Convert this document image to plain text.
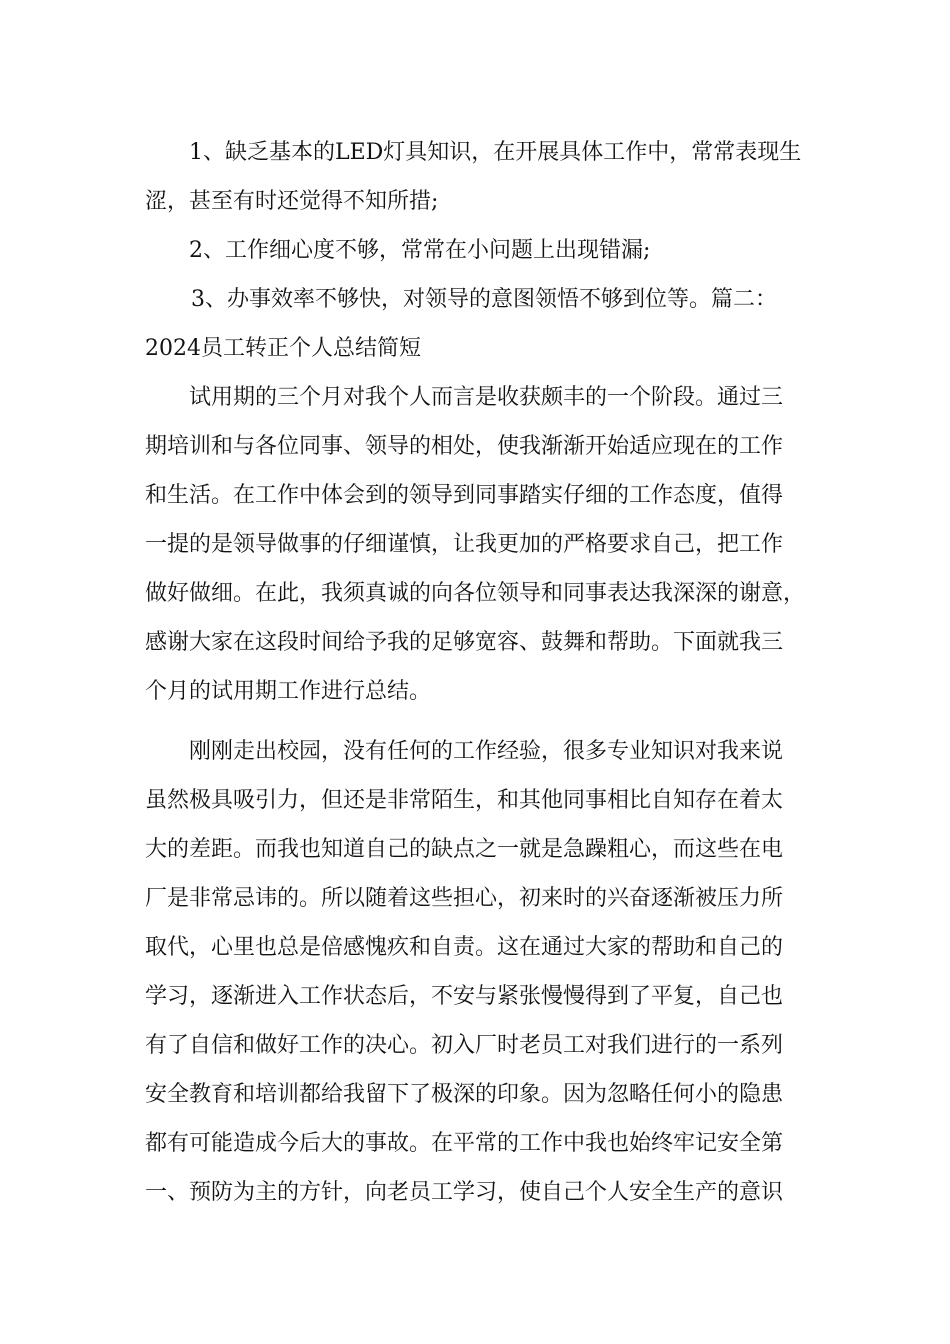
1、缺乏基本的LED灯具知识，在开展具体工作中，常常表现生
涩，甚至有时还觉得不知所措;
2、工作细心度不够，常常在小问题上出现错漏;
3、办事效率不够快，对领导的意图领悟不够到位等。篇二：
2024员工转正个人总结简短
试用期的三个月对我个人而言是收获颇丰的一个阶段。通过三
期培训和与各位同事、领导的相处，使我渐渐开始适应现在的工作
和生活。在工作中体会到的领导到同事踏实仔细的工作态度，值得
一提的是领导做事的仔细谨慎，让我更加的严格要求自己，把工作
做好做细。在此，我须真诚的向各位领导和同事表达我深深的谢意，
感谢大家在这段时间给予我的足够宽容、鼓舞和帮助。下面就我三
个月的试用期工作进行总结。
刚刚走出校园，没有任何的工作经验，很多专业知识对我来说
虽然极具吸引力，但还是非常陌生，和其他同事相比自知存在着太
大的差距。而我也知道自己的缺点之一就是急躁粗心，而这些在电
厂是非常忌讳的。所以随着这些担心，初来时的兴奋逐渐被压力所
取代，心里也总是倍感愧疚和自责。这在通过大家的帮助和自己的
学习，逐渐进入工作状态后，不安与紧张慢慢得到了平复，自己也
有了自信和做好工作的决心。初入厂时老员工对我们进行的一系列
安全教育和培训都给我留下了极深的印象。因为忽略任何小的隐患
都有可能造成今后大的事故。在平常的工作中我也始终牢记安全第
一、预防为主的方针，向老员工学习，使自己个人安全生产的意识
